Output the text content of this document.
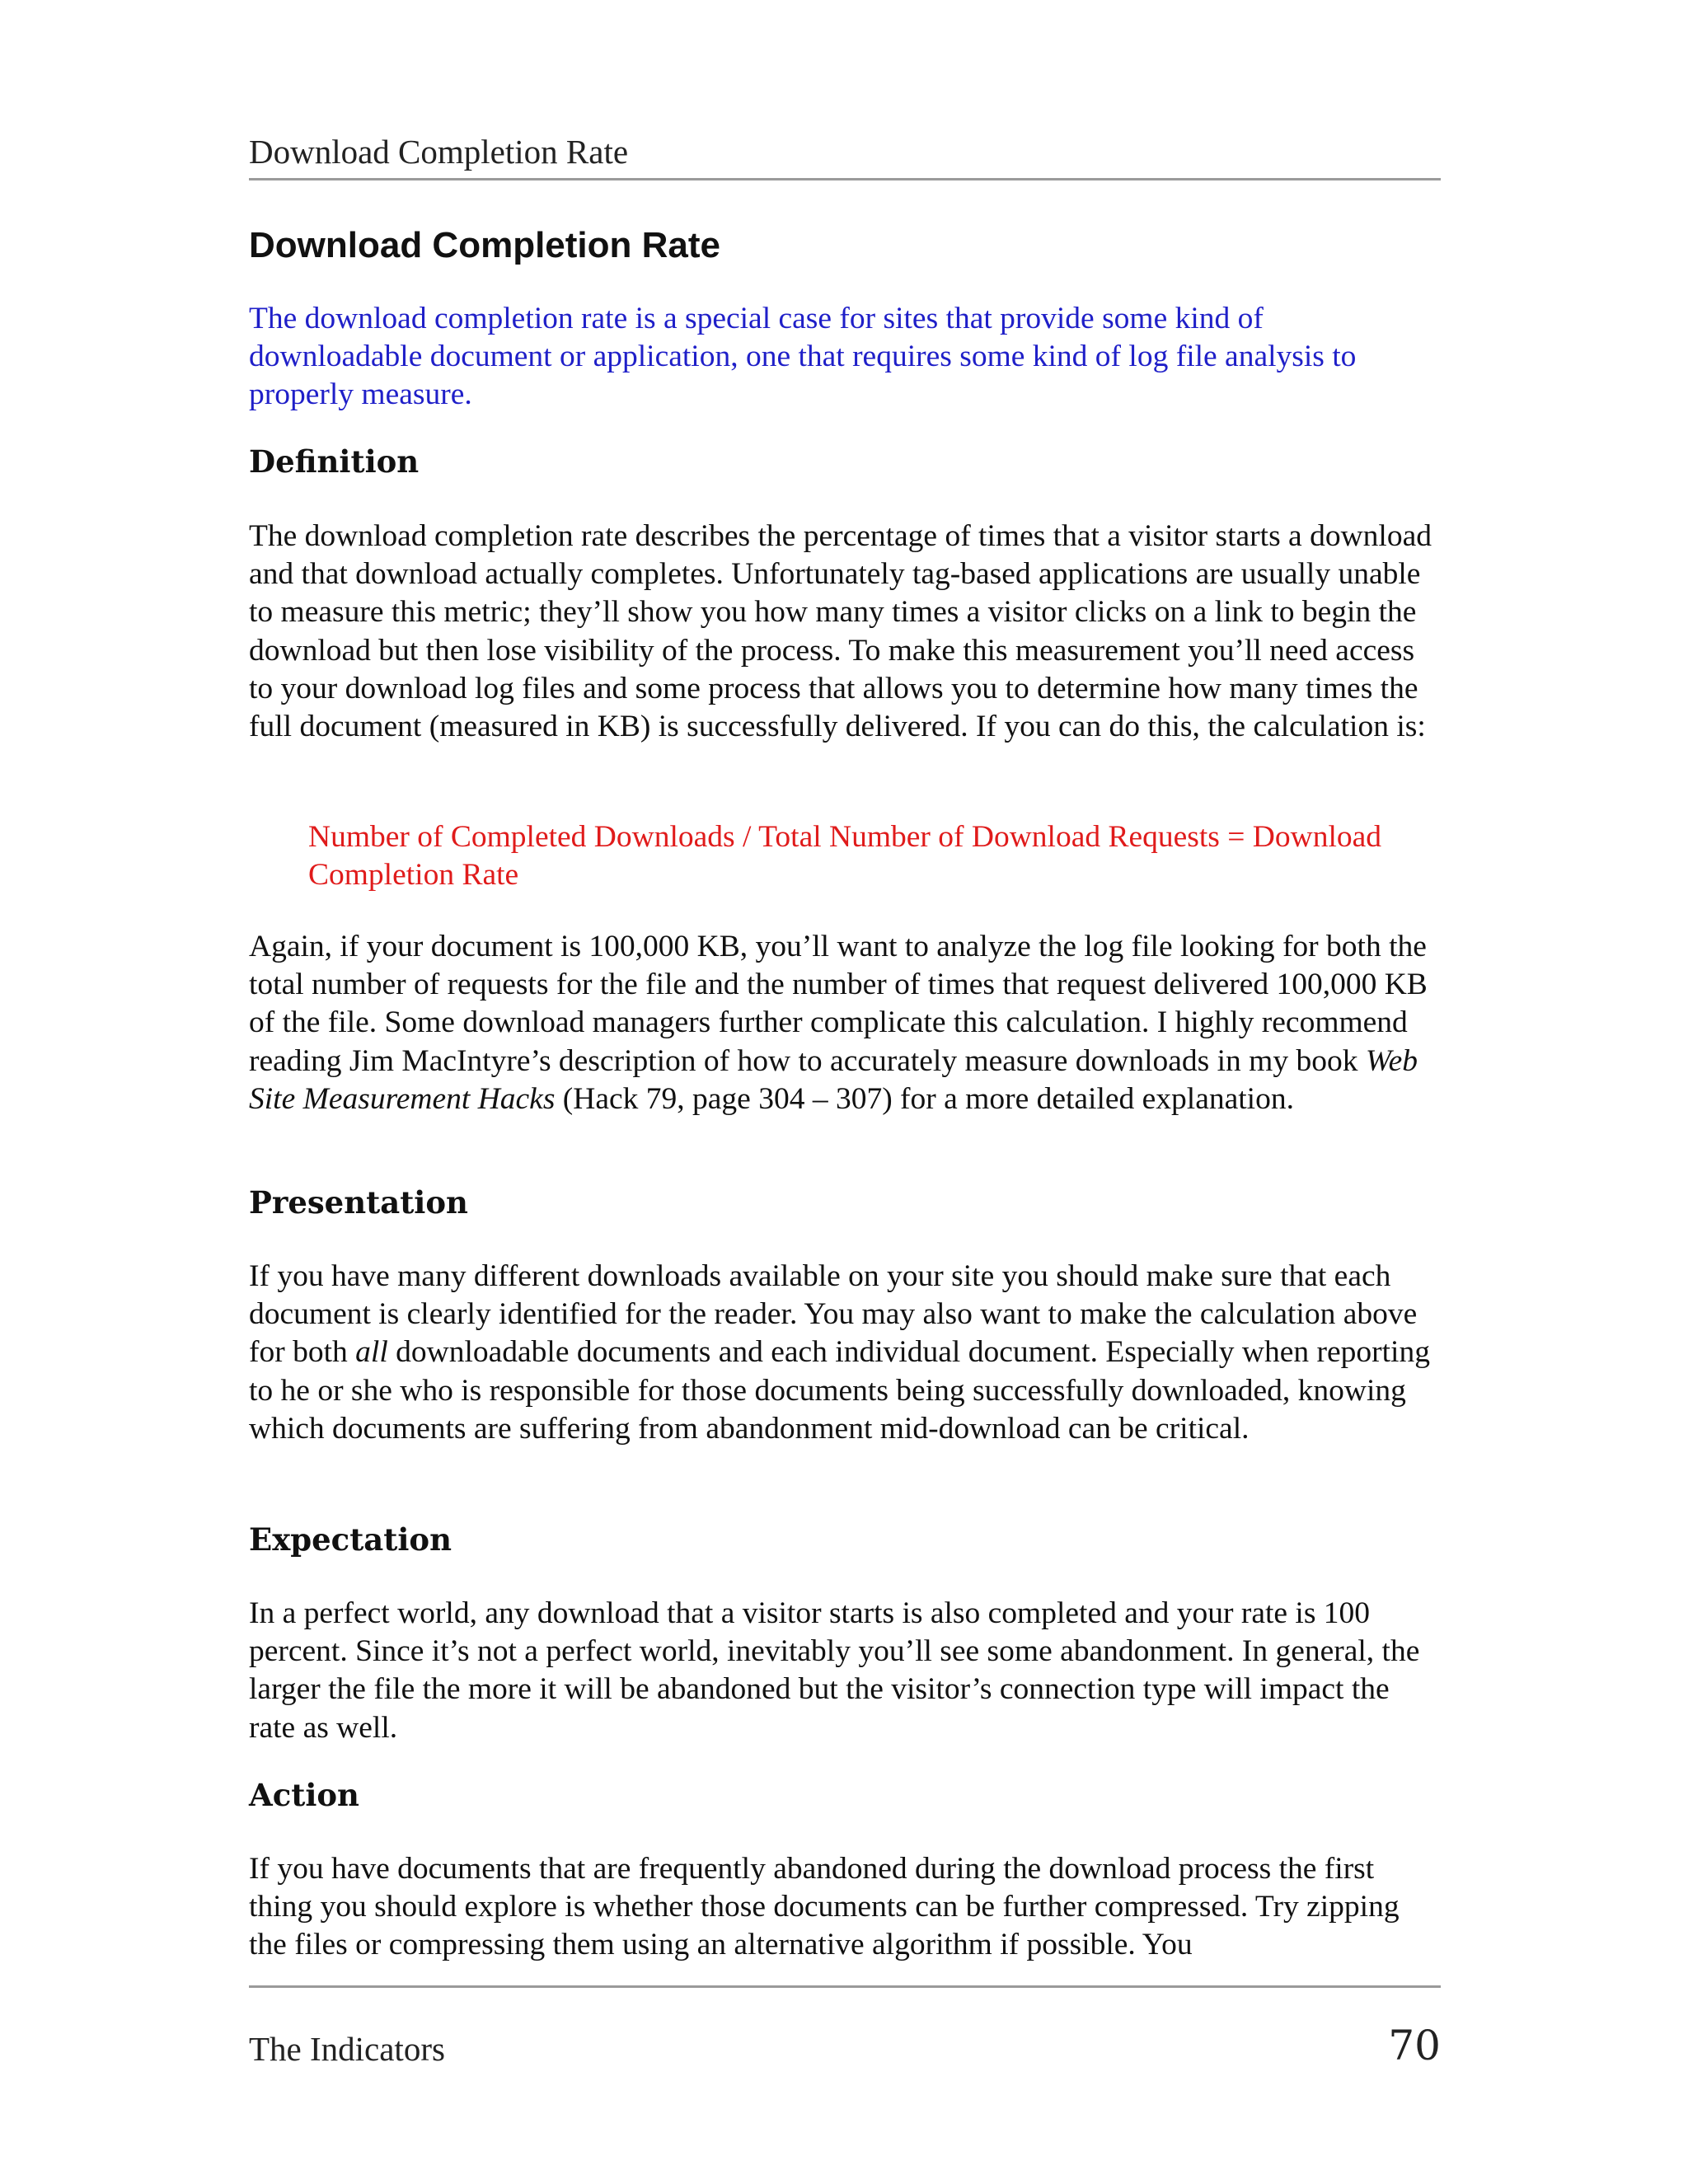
Download Completion Rate
Download Completion Rate

The download completion rate is a special case for sites that provide some kind of downloadable document or application, one that requires some kind of log file analysis to properly measure.

Definition

The download completion rate describes the percentage of times that a visitor starts a download and that download actually completes. Unfortunately tag-based applications are usually unable to measure this metric; they’ll show you how many times a visitor clicks on a link to begin the download but then lose visibility of the process. To make this measurement you’ll need access to your download log files and some process that allows you to determine how many times the full document (measured in KB) is successfully delivered. If you can do this, the calculation is:

Number of Completed Downloads / Total Number of Download Requests = Download Completion Rate

Again, if your document is 100,000 KB, you’ll want to analyze the log file looking for both the total number of requests for the file and the number of times that request delivered 100,000 KB of the file. Some download managers further complicate this calculation. I highly recommend reading Jim MacIntyre’s description of how to accurately measure downloads in my book Web Site Measurement Hacks (Hack 79, page 304 – 307) for a more detailed explanation.

Presentation

If you have many different downloads available on your site you should make sure that each document is clearly identified for the reader. You may also want to make the calculation above for both all downloadable documents and each individual document. Especially when reporting to he or she who is responsible for those documents being successfully downloaded, knowing which documents are suffering from abandonment mid-download can be critical.

Expectation

In a perfect world, any download that a visitor starts is also completed and your rate is 100 percent. Since it’s not a perfect world, inevitably you’ll see some abandonment. In general, the larger the file the more it will be abandoned but the visitor’s connection type will impact the rate as well.

Action

If you have documents that are frequently abandoned during the download process the first thing you should explore is whether those documents can be further compressed. Try zipping the files or compressing them using an alternative algorithm if possible. You

The Indicators	70
